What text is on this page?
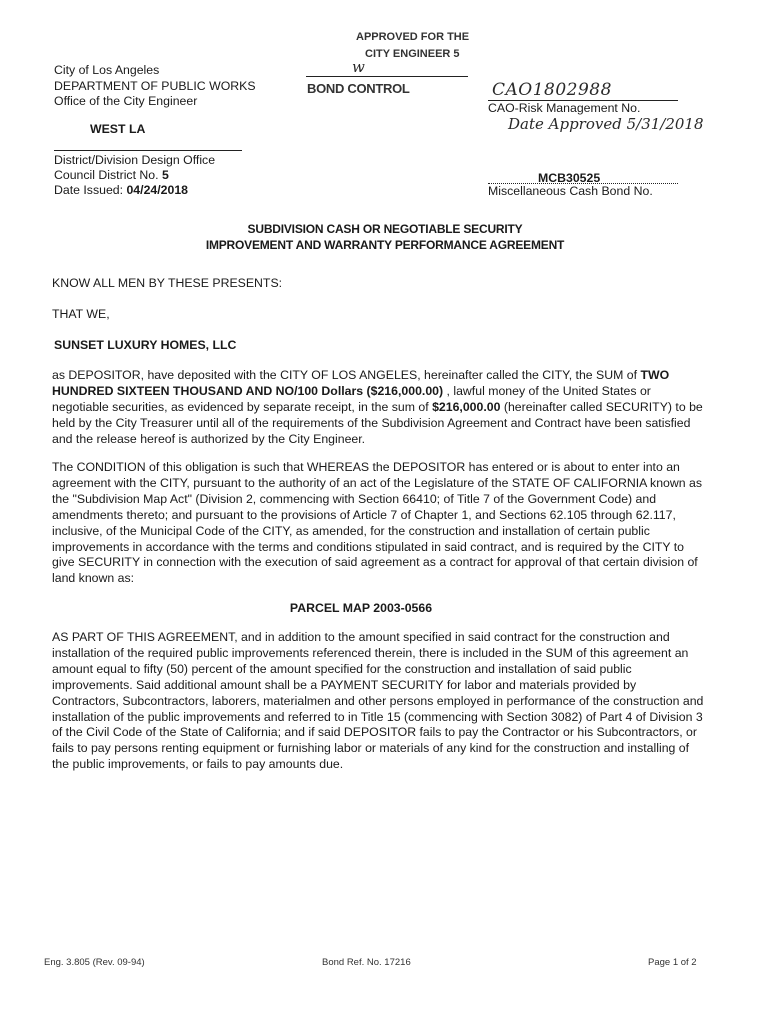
City of Los Angeles
DEPARTMENT OF PUBLIC WORKS
Office of the City Engineer
WEST LA
District/Division Design Office
Council District No. 5
Date Issued: 04/24/2018
APPROVED FOR THE
CITY ENGINEER 5
w
BOND CONTROL	CAO1802988
CAO-Risk Management No.
Date Approved 5/31/2018
MCB30525
Miscellaneous Cash Bond No.
SUBDIVISION CASH OR NEGOTIABLE SECURITY
IMPROVEMENT AND WARRANTY PERFORMANCE AGREEMENT
KNOW ALL MEN BY THESE PRESENTS:
THAT WE,
SUNSET LUXURY HOMES, LLC
as DEPOSITOR, have deposited with the CITY OF LOS ANGELES, hereinafter called the CITY, the SUM of TWO HUNDRED SIXTEEN THOUSAND AND NO/100 Dollars ($216,000.00) , lawful money of the United States or negotiable securities, as evidenced by separate receipt, in the sum of $216,000.00 (hereinafter called SECURITY) to be held by the City Treasurer until all of the requirements of the Subdivision Agreement and Contract have been satisfied and the release hereof is authorized by the City Engineer.
The CONDITION of this obligation is such that WHEREAS the DEPOSITOR has entered or is about to enter into an agreement with the CITY, pursuant to the authority of an act of the Legislature of the STATE OF CALIFORNIA known as the "Subdivision Map Act" (Division 2, commencing with Section 66410; of Title 7 of the Government Code) and amendments thereto; and pursuant to the provisions of Article 7 of Chapter 1, and Sections 62.105 through 62.117, inclusive, of the Municipal Code of the CITY, as amended, for the construction and installation of certain public improvements in accordance with the terms and conditions stipulated in said contract, and is required by the CITY to give SECURITY in connection with the execution of said agreement as a contract for approval of that certain division of land known as:
PARCEL MAP 2003-0566
AS PART OF THIS AGREEMENT, and in addition to the amount specified in said contract for the construction and installation of the required public improvements referenced therein, there is included in the SUM of this agreement an amount equal to fifty (50) percent of the amount specified for the construction and installation of said public improvements. Said additional amount shall be a PAYMENT SECURITY for labor and materials provided by Contractors, Subcontractors, laborers, materialmen and other persons employed in performance of the construction and installation of the public improvements and referred to in Title 15 (commencing with Section 3082) of Part 4 of Division 3 of the Civil Code of the State of California; and if said DEPOSITOR fails to pay the Contractor or his Subcontractors, or fails to pay persons renting equipment or furnishing labor or materials of any kind for the construction and installing of the public improvements, or fails to pay amounts due.
Eng. 3.805 (Rev. 09-94)	Bond Ref. No. 17216	Page 1 of 2
